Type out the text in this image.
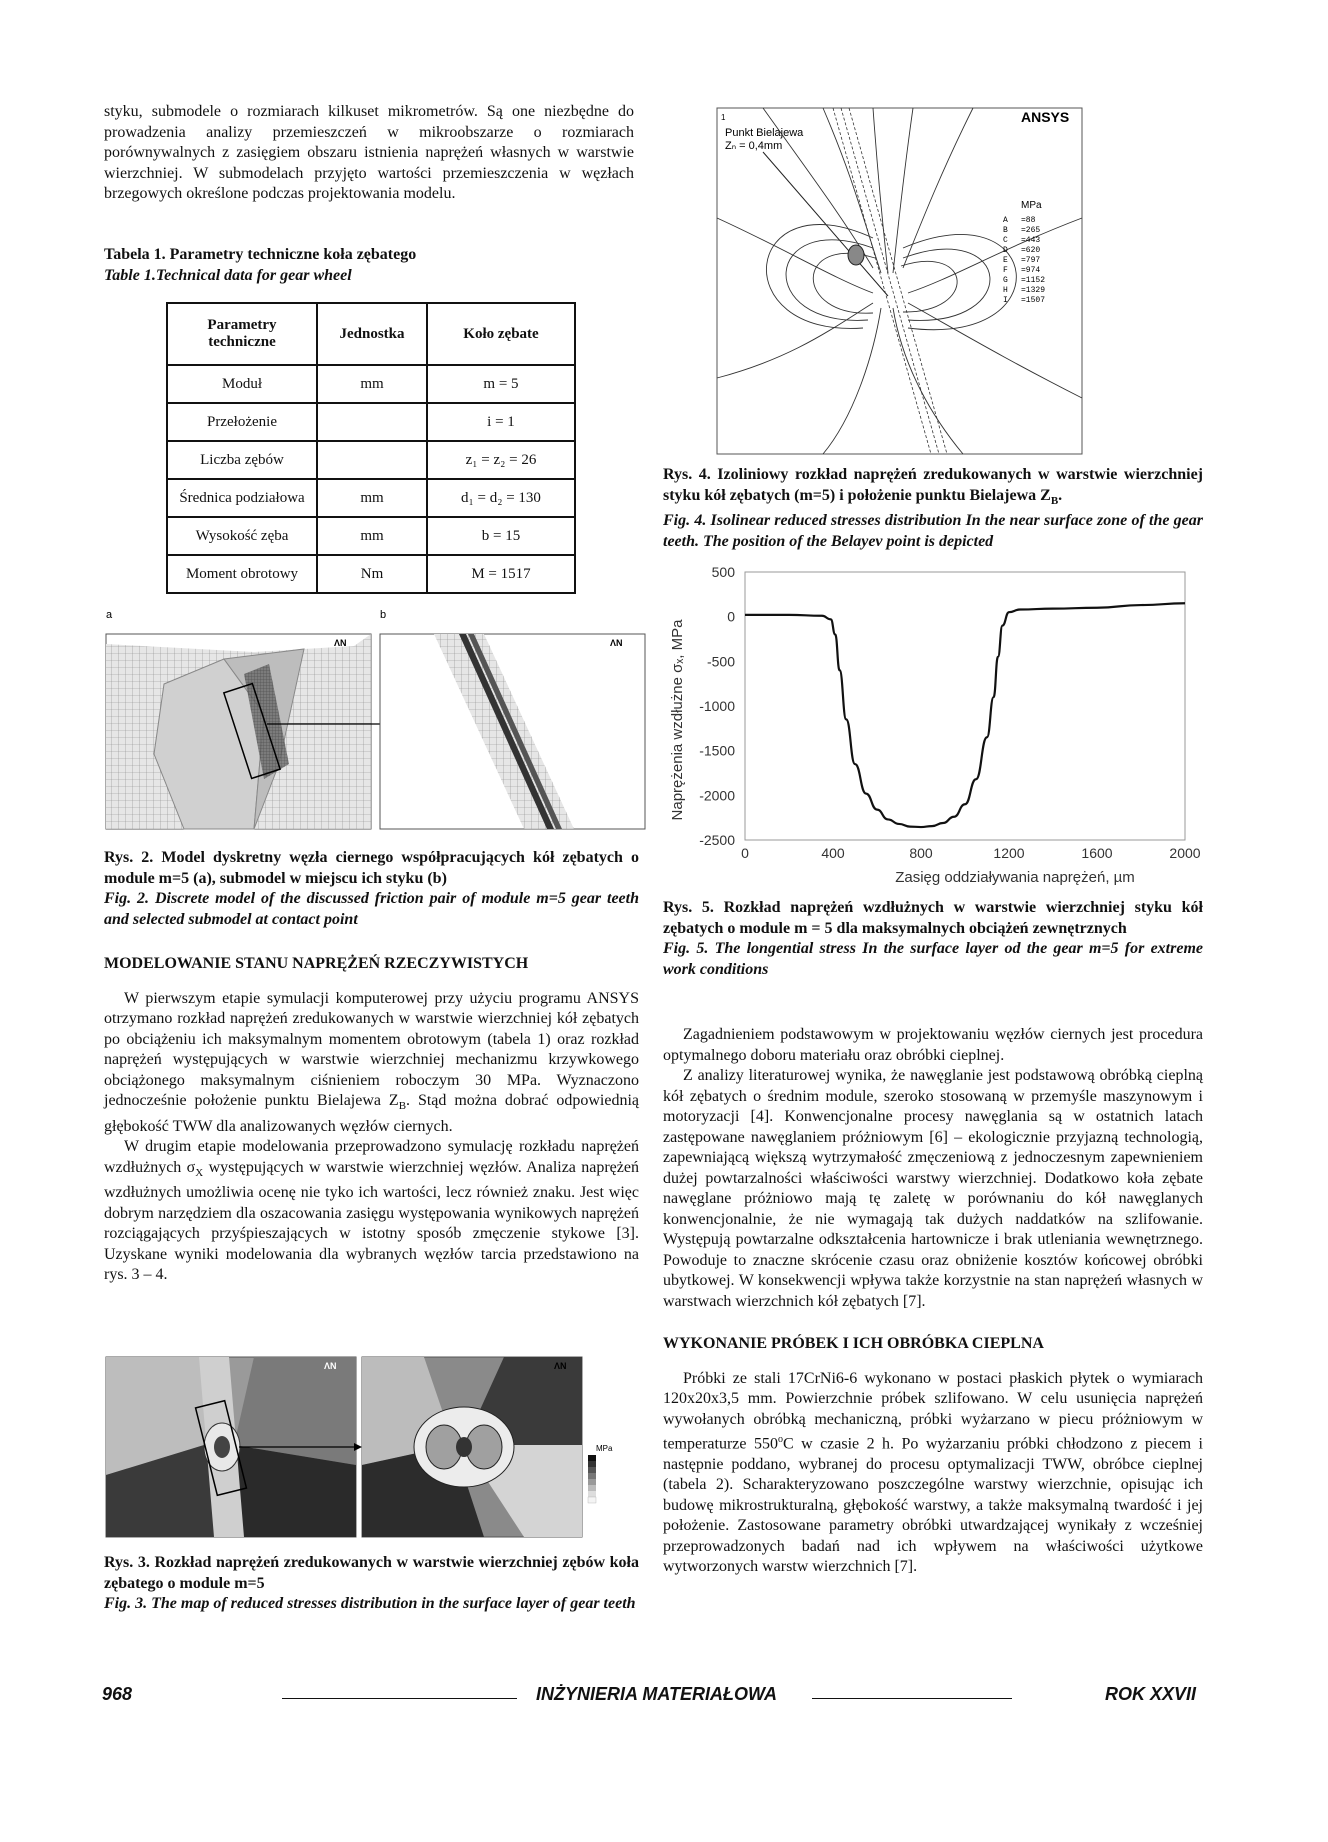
styku, submodele o rozmiarach kilkuset mikrometrów. Są one niezbędne do prowadzenia analizy przemieszczeń w mikroobszarze o rozmiarach porównywalnych z zasięgiem obszaru istnienia naprężeń własnych w warstwie wierzchniej. W submodelach przyjęto wartości przemieszczenia w węzłach brzegowych określone podczas projektowania modelu.

Tabela 1. Parametry techniczne koła zębatego

Table 1.Technical data for gear wheel

Parametry techniczne	Jednostka	Koło zębate
Moduł	mm	m = 5
Przełożenie		i = 1
Liczba zębów		z₁ = z₂ = 26
Średnica podziałowa	mm	d₁ = d₂ = 130
Wysokość zęba	mm	b = 15
Moment obrotowy	Nm	M = 1517
a	b
ΛN	ΛN

Rys. 2. Model dyskretny węzła ciernego współpracujących kół zębatych o module m=5 (a), submodel w miejscu ich styku (b)

Fig. 2. Discrete model of the discussed friction pair of module m=5 gear teeth and selected submodel at contact point

MODELOWANIE STANU NAPRĘŻEŃ RZECZYWISTYCH

W pierwszym etapie symulacji komputerowej przy użyciu programu ANSYS otrzymano rozkład naprężeń zredukowanych w warstwie wierzchniej kół zębatych po obciążeniu ich maksymalnym momentem obrotowym (tabela 1) oraz rozkład naprężeń występujących w warstwie wierzchniej mechanizmu krzywkowego obciążonego maksymalnym ciśnieniem roboczym 30 MPa. Wyznaczono jednocześnie położenie punktu Bielajewa $Z_B$. Stąd można dobrać odpowiednią głębokość TWW dla analizowanych węzłów ciernych.

W drugim etapie modelowania przeprowadzono symulację rozkładu naprężeń wzdłużnych $\sigma_X$ występujących w warstwie wierzchniej węzłów. Analiza naprężeń wzdłużnych umożliwia ocenę nie tyko ich wartości, lecz również znaku. Jest więc dobrym narzędziem dla oszacowania zasięgu występowania wynikowych naprężeń rozciągających przyśpieszających w istotny sposób zmęczenie stykowe [3]. Uzyskane wyniki modelowania dla wybranych węzłów tarcia przedstawiono na rys. 3 – 4.

ΛN	ΛN
MPa

Rys. 3. Rozkład naprężeń zredukowanych w warstwie wierzchniej zębów koła zębatego o module m=5

Fig. 3. The map of reduced stresses distribution in the surface layer of gear teeth

1	ANSYS
Punkt Bielajewa
Zₙ = 0,4mm
MPa
A =88
B =265
C =443
D =620
E =797
F =974
G =1152
H =1329
I =1507

Rys. 4. Izoliniowy rozkład naprężeń zredukowanych w warstwie wierzchniej styku kół zębatych (m=5) i położenie punktu Bielajewa $Z_B$.

Fig. 4. Isolinear reduced stresses distribution In the near surface zone of the gear teeth. The position of the Belayev point is depicted

500
0
-500
-1000
-1500
-2000
-2500
0	400	800	1200	1600	2000
Zasięg oddziaływania naprężeń, µm
Naprężenia wzdłużne σₓ, MPa

Rys. 5. Rozkład naprężeń wzdłużnych w warstwie wierzchniej styku kół zębatych o module m = 5 dla maksymalnych obciążeń zewnętrznych

Fig. 5. The longential stress In the surface layer od the gear m=5 for extreme work conditions

Zagadnieniem podstawowym w projektowaniu węzłów ciernych jest procedura optymalnego doboru materiału oraz obróbki cieplnej.

Z analizy literaturowej wynika, że nawęglanie jest podstawową obróbką cieplną kół zębatych o średnim module, szeroko stosowaną w przemyśle maszynowym i motoryzacji [4]. Konwencjonalne procesy nawęglania są w ostatnich latach zastępowane nawęglaniem próżniowym [6] – ekologicznie przyjazną technologią, zapewniającą większą wytrzymałość zmęczeniową z jednoczesnym zapewnieniem dużej powtarzalności właściwości warstwy wierzchniej. Dodatkowo koła zębate nawęglane próżniowo mają tę zaletę w porównaniu do kół nawęglanych konwencjonalnie, że nie wymagają tak dużych naddatków na szlifowanie. Występują powtarzalne odkształcenia hartownicze i brak utleniania wewnętrznego. Powoduje to znaczne skrócenie czasu oraz obniżenie kosztów końcowej obróbki ubytkowej. W konsekwencji wpływa także korzystnie na stan naprężeń własnych w warstwach wierzchnich kół zębatych [7].

WYKONANIE PRÓBEK I ICH OBRÓBKA CIEPLNA

Próbki ze stali 17CrNi6-6 wykonano w postaci płaskich płytek o wymiarach 120x20x3,5 mm. Powierzchnie próbek szlifowano. W celu usunięcia naprężeń wywołanych obróbką mechaniczną, próbki wyżarzano w piecu próżniowym w temperaturze 550$^o$C w czasie 2 h. Po wyżarzaniu próbki chłodzono z piecem i następnie poddano, wybranej do procesu optymalizacji TWW, obróbce cieplnej (tabela 2). Scharakteryzowano poszczególne warstwy wierzchnie, opisując ich budowę mikrostrukturalną, głębokość warstwy, a także maksymalną twardość i jej położenie. Zastosowane parametry obróbki utwardzającej wynikały z wcześniej przeprowadzonych badań nad ich wpływem na właściwości użytkowe wytworzonych warstw wierzchnich [7].

968	INŻYNIERIA MATERIAŁOWA	ROK XXVII
